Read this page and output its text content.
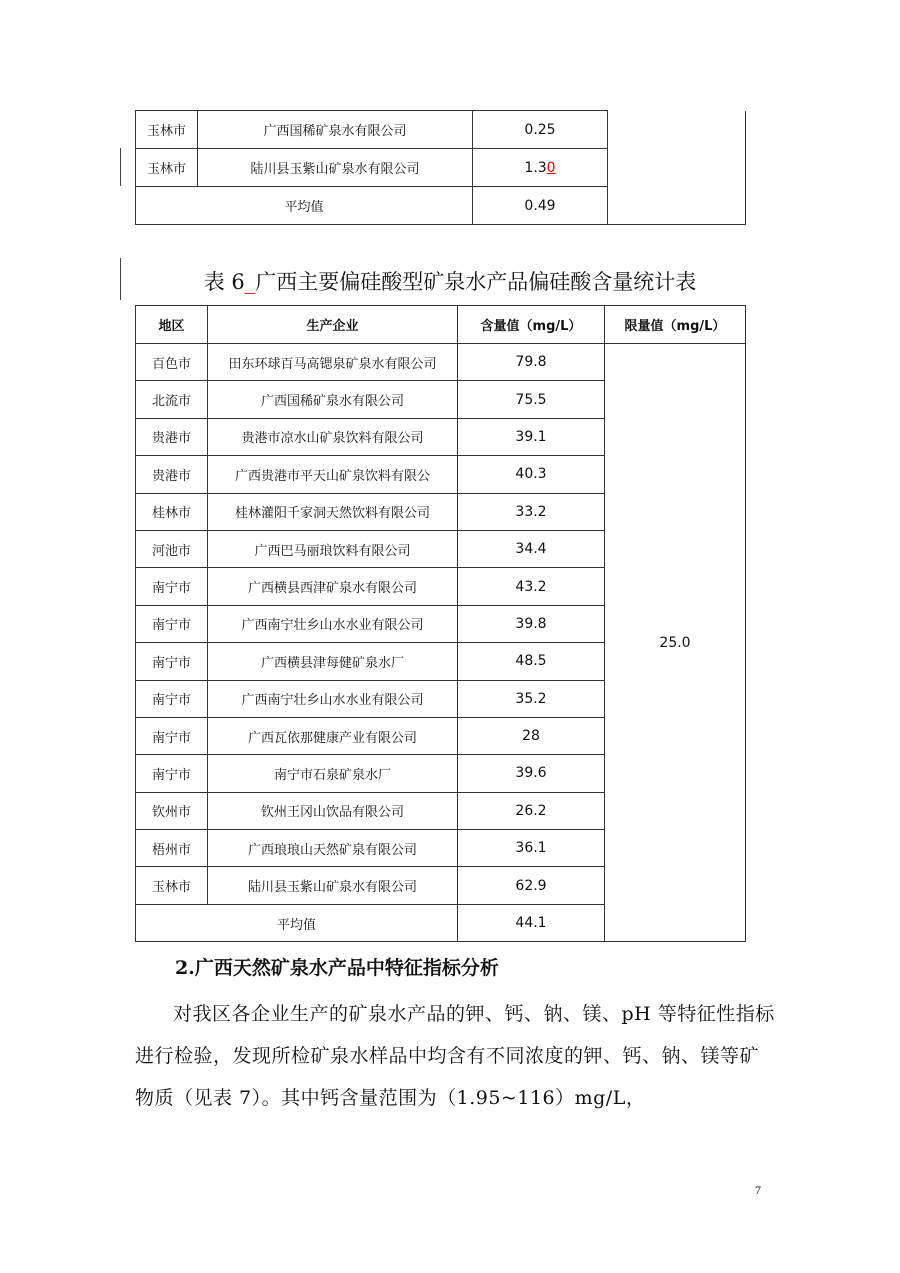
玉林市	广西国稀矿泉水有限公司	0.25	
玉林市	陆川县玉紫山矿泉水有限公司	1.30	
平均值		0.49	
表 6_广西主要偏硅酸型矿泉水产品偏硅酸含量统计表
地区	生产企业	含量值（mg/L）	限量值（mg/L）
百色市	田东环球百马高锶泉矿泉水有限公司	79.8	25.0
北流市	广西国稀矿泉水有限公司	75.5	
贵港市	贵港市凉水山矿泉饮料有限公司	39.1	
贵港市	广西贵港市平天山矿泉饮料有限公	40.3	
桂林市	桂林灌阳千家洞天然饮料有限公司	33.2	
河池市	广西巴马丽琅饮料有限公司	34.4	
南宁市	广西横县西津矿泉水有限公司	43.2	
南宁市	广西南宁壮乡山水水业有限公司	39.8	
南宁市	广西横县津每健矿泉水厂	48.5	
南宁市	广西南宁壮乡山水水业有限公司	35.2	
南宁市	广西瓦依那健康产业有限公司	28	
南宁市	南宁市石泉矿泉水厂	39.6	
钦州市	钦州王冈山饮品有限公司	26.2	
梧州市	广西琅琅山天然矿泉有限公司	36.1	
玉林市	陆川县玉紫山矿泉水有限公司	62.9	
平均值		44.1	
2.广西天然矿泉水产品中特征指标分析
对我区各企业生产的矿泉水产品的钾、钙、钠、镁、pH 等特征性指标进行检验，发现所检矿泉水样品中均含有不同浓度的钾、钙、钠、镁等矿物质（见表 7）。其中钙含量范围为（1.95~116）mg/L，
7
